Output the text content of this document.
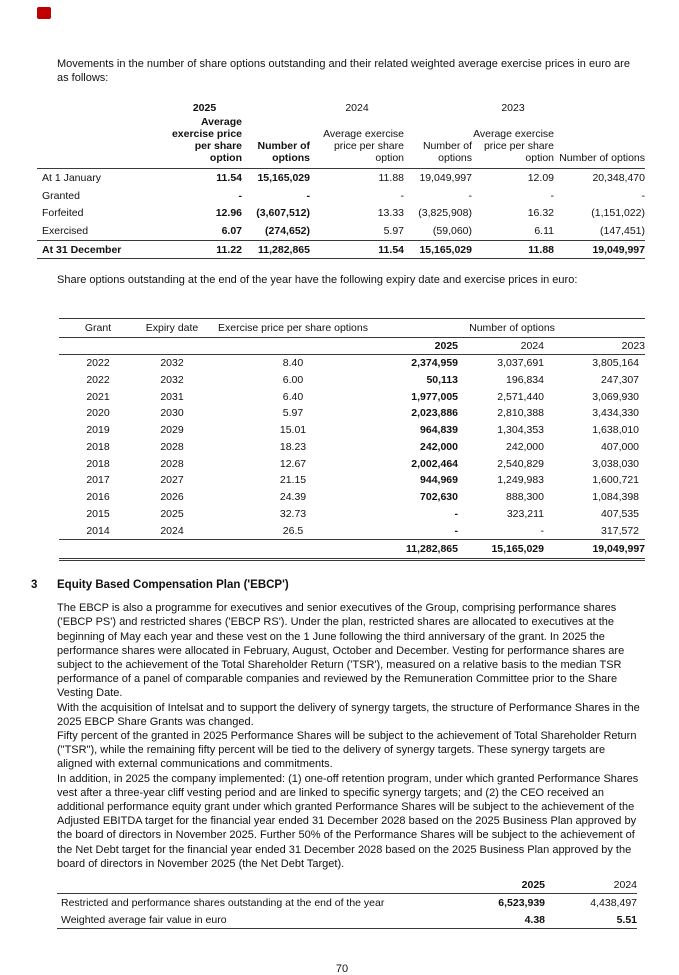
Movements in the number of share options outstanding and their related weighted average exercise prices in euro are as follows:

	2025		2024		2023	
	Average exercise price per share option	Number of options	Average exercise price per share option	Number of options	Average exercise price per share option	Number of options
At 1 January	11.54	15,165,029	11.88	19,049,997	12.09	20,348,470
Granted	-	-	-	-	-	-
Forfeited	12.96	(3,607,512)	13.33	(3,825,908)	16.32	(1,151,022)
Exercised	6.07	(274,652)	5.97	(59,060)	6.11	(147,451)
At 31 December	11.22	11,282,865	11.54	15,165,029	11.88	19,049,997

Share options outstanding at the end of the year have the following expiry date and exercise prices in euro:

Grant	Expiry date	Exercise price per share options	Number of options		
			2025	2024	2023
2022	2032	8.40	2,374,959	3,037,691	3,805,164
2022	2032	6.00	50,113	196,834	247,307
2021	2031	6.40	1,977,005	2,571,440	3,069,930
2020	2030	5.97	2,023,886	2,810,388	3,434,330
2019	2029	15.01	964,839	1,304,353	1,638,010
2018	2028	18.23	242,000	242,000	407,000
2018	2028	12.67	2,002,464	2,540,829	3,038,030
2017	2027	21.15	944,969	1,249,983	1,600,721
2016	2026	24.39	702,630	888,300	1,084,398
2015	2025	32.73	-	323,211	407,535
2014	2024	26.5	-	-	317,572
			11,282,865	15,165,029	19,049,997
3	Equity Based Compensation Plan ('EBCP')

The EBCP is also a programme for executives and senior executives of the Group, comprising performance shares ('EBCP PS') and restricted shares ('EBCP RS'). Under the plan, restricted shares are allocated to executives at the beginning of May each year and these vest on the 1 June following the third anniversary of the grant. In 2025 the performance shares were allocated in February, August, October and December. Vesting for performance shares are subject to the achievement of the Total Shareholder Return ('TSR'), measured on a relative basis to the median TSR performance of a panel of comparable companies and reviewed by the Remuneration Committee prior to the Share Vesting Date.

With the acquisition of Intelsat and to support the delivery of synergy targets, the structure of Performance Shares in the 2025 EBCP Share Grants was changed.

Fifty percent of the granted in 2025 Performance Shares will be subject to the achievement of Total Shareholder Return ("TSR"), while the remaining fifty percent will be tied to the delivery of synergy targets. These synergy targets are aligned with external communications and commitments.

In addition, in 2025 the company implemented: (1) one-off retention program, under which granted Performance Shares vest after a three-year cliff vesting period and are linked to specific synergy targets; and (2) the CEO received an additional performance equity grant under which granted Performance Shares will be subject to the achievement of the Adjusted EBITDA target for the financial year ended 31 December 2028 based on the 2025 Business Plan approved by the board of directors in November 2025. Further 50% of the Performance Shares will be subject to the achievement of the Net Debt target for the financial year ended 31 December 2028 based on the 2025 Business Plan approved by the board of directors in November 2025 (the Net Debt Target).

	2025	2024
Restricted and performance shares outstanding at the end of the year	6,523,939	4,438,497
Weighted average fair value in euro	4.38	5.51
70
